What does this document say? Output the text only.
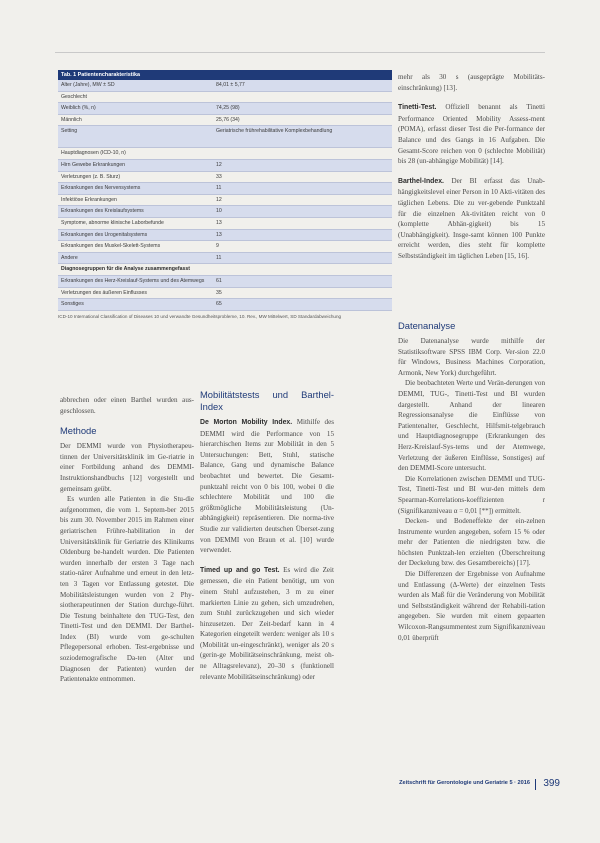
Tab. 1 Patientencharakteristika
Alter (Jahre), MW ± SD	84,01 ± 5,77
Geschlecht
Weiblich (%, n)	74,25 (98)
Männlich	25,76 (34)
Setting	Geriatrische frührehabilitative Komplexbehandlung
Hauptdiagnosen (ICD-10, n)
Hirn Gewebe Erkrankungen	12
Verletzungen (z. B. Sturz)	33
Erkrankungen des Nervensystems	11
Infektiöse Erkrankungen	12
Erkrankungen des Kreislaufsystems	10
Symptome, abnorme klinische Laborbefunde	13
Erkrankungen des Urogenitalsystems	13
Erkrankungen des Muskel-Skelett-Systems	9
Andere	11
Diagnosegruppen für die Analyse zusammengefasst
Erkrankungen des Herz-Kreislauf-Systems und des Atemwegs 61
Verletzungen des äußeren Einflusses	35
Sonstiges	65
ICD-10 International Classification of Diseases 10 und verwandte Gesundheitsprobleme, 10. Rev., MW Mittelwert, SD Standardabweichung

abbrechen oder einen Barthel wurden aus-geschlossen.

Methode

Der DEMMI wurde von Physiotherapeu-tinnen der Universitätsklinik im Ge-riatrie in einer Fortbildung anhand des DEMMI-Instruktionshandbuchs [12] vorgestellt und gemeinsam geübt.

Es wurden alle Patienten in die Stu-die aufgenommen, die vom 1. Septem-ber 2015 bis zum 30. November 2015 im Rahmen einer geriatrischen Frühre-habilitation in der Universitätsklinik für Geriatrie des Klinikums Oldenburg be-handelt wurden. Die Patienten wurden innerhalb der ersten 3 Tage nach statio-närer Aufnahme und erneut in den letz-ten 3 Tagen vor Entlassung getestet. Die Mobilitätsleistungen wurden von 2 Phy-siotherapeutinnen der Station durchge-führt. Die Testung beinhaltete den TUG-Test, den Tinetti-Test und den DEMMI. Der Barthel-Index (BI) wurde vom ge-schulten Pflegepersonal erhoben. Test-ergebnisse und soziodemografische Da-ten (Alter und Diagnosen der Patienten) wurden der Patientenakte entnommen.

Mobilitätstests und Barthel-Index

De Morton Mobility Index. Mithilfe des DEMMI wird die Performance von 15 hierarchischen Items zur Mobilität in den 5 Untersuchungen: Bett, Stuhl, statische Balance, Gang und dynamische Balance beobachtet und bewertet. Die Gesamt-punktzahl reicht von 0 bis 100, wobei 0 die schlechtere Mobilität und 100 die größtmögliche Mobilitätsleistung (Un-abhängigkeit) repräsentieren. Die norma-tive Studie zur validierten deutschen Überset-zung von DEMMI von Braun et al. [10] wurde verwendet.

Timed up and go Test. Es wird die Zeit gemessen, die ein Patient benötigt, um von einem Stuhl aufzustehen, 3 m zu einer markierten Linie zu gehen, sich umzudrehen, zum Stuhl zurückzugehen und sich wieder hinzusetzen. Der Zeit-bedarf kann in 4 Kategorien eingeteilt werden: weniger als 10 s (Mobilität un-eingeschränkt), weniger als 20 s (gerin-ge Mobilitätseinschränkung, meist oh-ne Alltagsrelevanz), 20–30 s (funktionell relevante Mobilitätseinschränkung) oder

mehr als 30 s (ausgeprägte Mobilitäts-einschränkung) [13].

Tinetti-Test. Offiziell benannt als Tinetti Performance Oriented Mobility Assess-ment (POMA), erfasst dieser Test die Per-formance der Balance und des Gangs in 16 Aufgaben. Die Gesamt-Score reichen von 0 (schlechte Mobilität) bis 28 (un-abhängige Mobilität) [14].

Barthel-Index. Der BI erfasst das Unab-hängigkeitslevel einer Person in 10 Akti-vitäten des täglichen Lebens. Die zu ver-gebende Punktzahl für die einzelnen Ak-tivitäten reicht von 0 (komplette Abhän-gigkeit) bis 15 (Unabhängigkeit). Insge-samt können 100 Punkte erreicht werden, dies steht für komplette Selbstständigkeit im täglichen Leben [15, 16].

Datenanalyse

Die Datenanalyse wurde mithilfe der Statistiksoftware SPSS IBM Corp. Ver-sion 22.0 für Windows, Business Machines Corporation, Armonk, New York) durchgeführt.

Die beobachteten Werte und Verän-derungen von DEMMI, TUG-, Tinetti-Test und BI wurden dargestellt. Anhand der linearen Regressionsanalyse die Einflüsse von Patientenalter, Geschlecht, Hilfsmit-telgebrauch und Hauptdiagnosegruppe (Erkrankungen des Herz-Kreislauf-Sys-tems und der Atemwege, Verletzung der äußeren Einflüsse, Sonstiges) auf den DEMMI-Score untersucht.

Die Korrelationen zwischen DEMMI und TUG-Test, Tinetti-Test und BI wur-den mittels dem Spearman-Korrelations-koeffizienten r (Signifikanzniveau α = 0,01 [**]) ermittelt.

Decken- und Bodeneffekte der ein-zelnen Instrumente wurden angegeben, sofern 15 % oder mehr der Patienten die niedrigsten bzw. die höchsten Punktzah-len erzielten (Überschreitung der Deckelung bzw. des Gesamtbereichs) [17].

Die Differenzen der Ergebnisse von Aufnahme und Entlassung (Δ-Werte) der einzelnen Tests wurden als Maß für die Veränderung von Mobilität und Selbstständigkeit während der Rehabili-tation angegeben. Sie wurden mit einem gepaarten Wilcoxon-Rangsummentest zum Signifikanzniveau 0,01 überprüft

Zeitschrift für Gerontologie und Geriatrie 5 · 2016 399
